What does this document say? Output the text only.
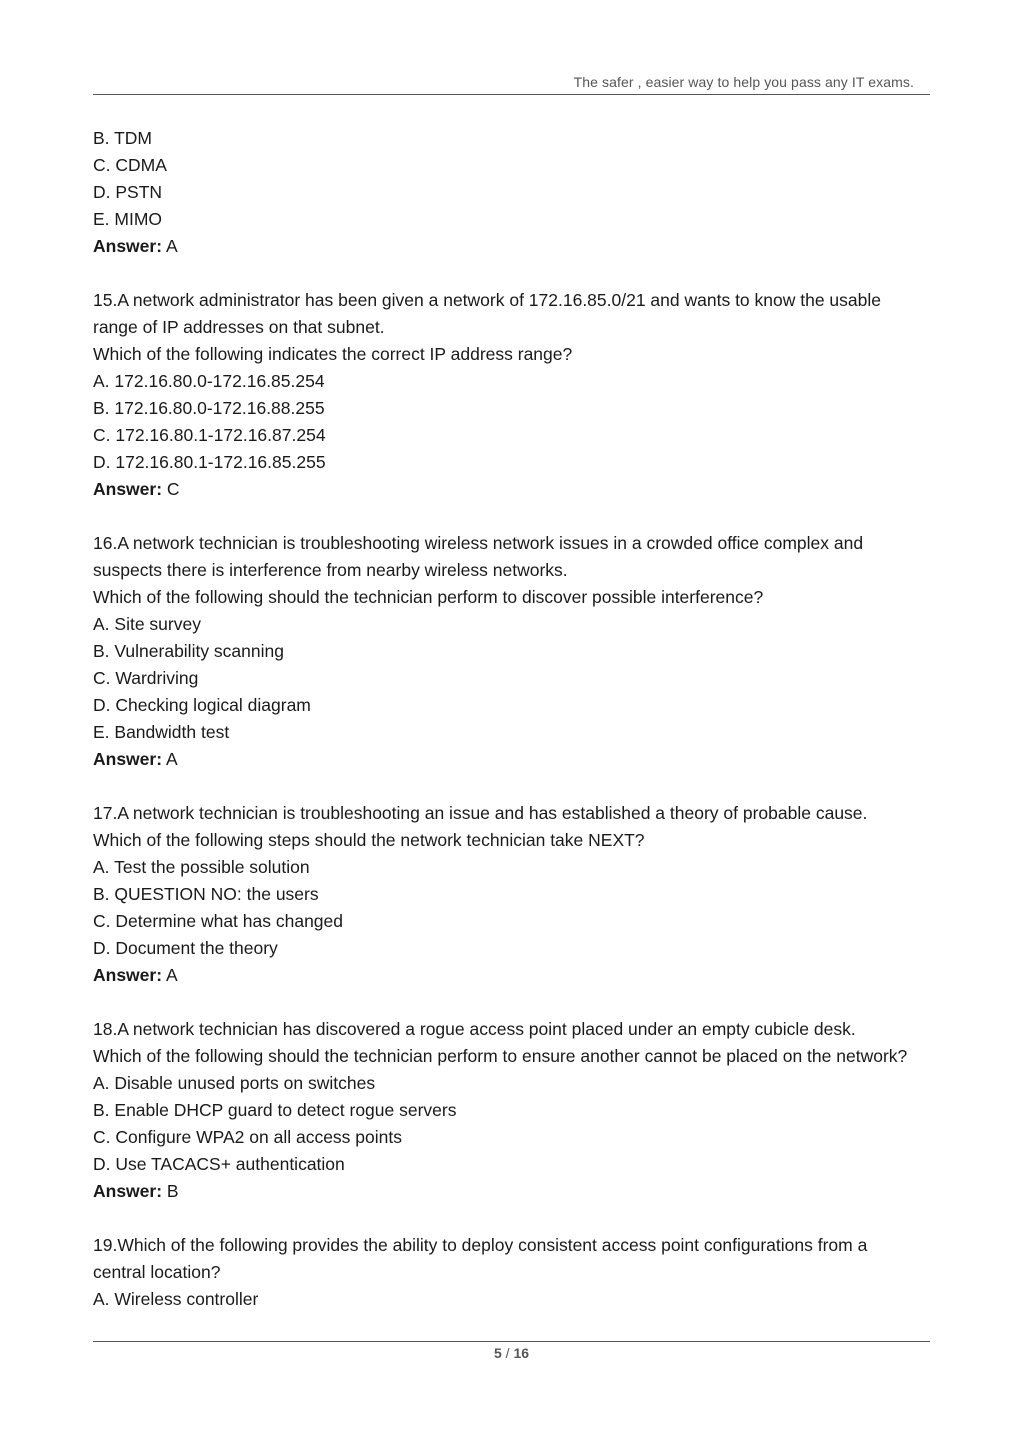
The safer , easier way to help you pass any IT exams.
B. TDM
C. CDMA
D. PSTN
E. MIMO
Answer: A
15.A network administrator has been given a network of 172.16.85.0/21 and wants to know the usable
range of IP addresses on that subnet.
Which of the following indicates the correct IP address range?
A. 172.16.80.0-172.16.85.254
B. 172.16.80.0-172.16.88.255
C. 172.16.80.1-172.16.87.254
D. 172.16.80.1-172.16.85.255
Answer: C
16.A network technician is troubleshooting wireless network issues in a crowded office complex and
suspects there is interference from nearby wireless networks.
Which of the following should the technician perform to discover possible interference?
A. Site survey
B. Vulnerability scanning
C. Wardriving
D. Checking logical diagram
E. Bandwidth test
Answer: A
17.A network technician is troubleshooting an issue and has established a theory of probable cause.
Which of the following steps should the network technician take NEXT?
A. Test the possible solution
B. QUESTION NO: the users
C. Determine what has changed
D. Document the theory
Answer: A
18.A network technician has discovered a rogue access point placed under an empty cubicle desk.
Which of the following should the technician perform to ensure another cannot be placed on the network?
A. Disable unused ports on switches
B. Enable DHCP guard to detect rogue servers
C. Configure WPA2 on all access points
D. Use TACACS+ authentication
Answer: B
19.Which of the following provides the ability to deploy consistent access point configurations from a
central location?
A. Wireless controller
5 / 16
